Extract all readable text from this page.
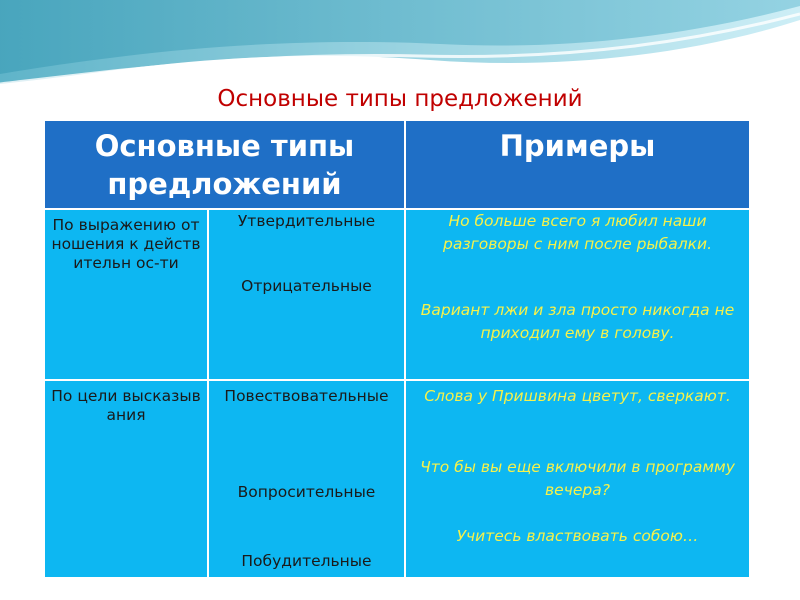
Основные типы предложений
Основные типы предложений
Примеры
По выражению отношения к действительн ос-ти
Утвердительные
Отрицательные
Но больше всего я любил наши разговоры с ним после рыбалки.
Вариант лжи и зла просто никогда не приходил ему в голову.
По цели высказывания
Повествовательные
Вопросительные
Побудительные
Слова у Пришвина цветут, сверкают.
Что бы вы еще включили в программу вечера?
Учитесь властвовать собою…
